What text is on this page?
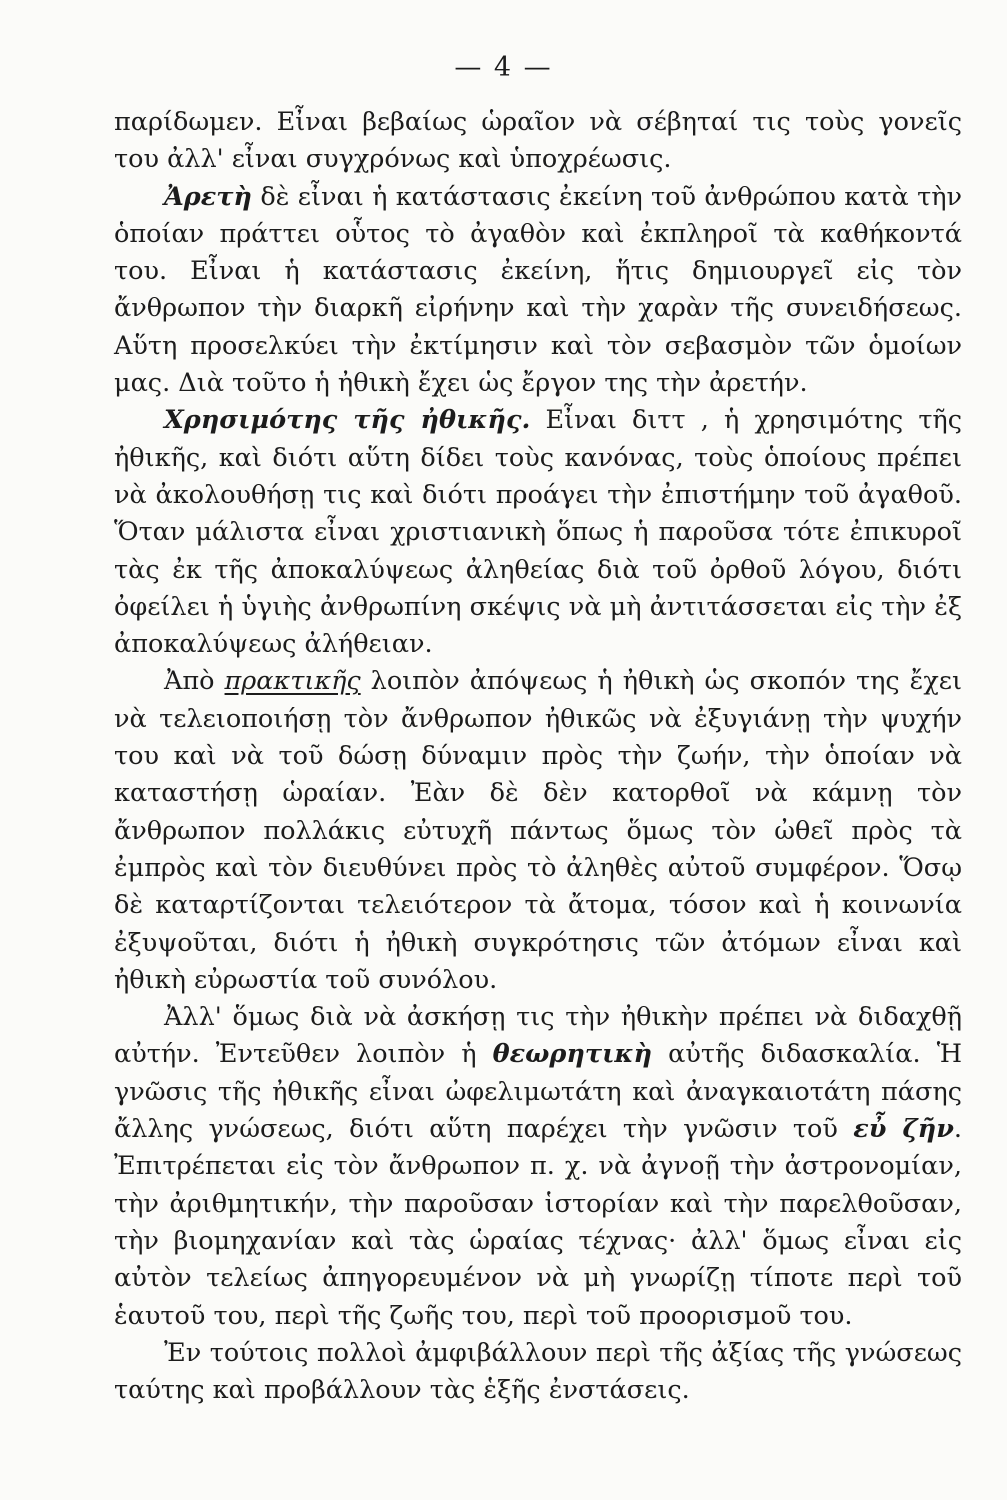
— 4 —

παρίδωμεν. Εἶναι βεβαίως ὡραῖον νὰ σέβηταί τις τοὺς γονεῖς του ἀλλ' εἶναι συγχρόνως καὶ ὑποχρέωσις.

Ἀρετὴ δὲ εἶναι ἡ κατάστασις ἐκείνη τοῦ ἀνθρώπου κατὰ τὴν ὁποίαν πράττει οὗτος τὸ ἀγαθὸν καὶ ἐκπληροῖ τὰ καθήκοντά του. Εἶναι ἡ κατάστασις ἐκείνη, ἥτις δημιουργεῖ εἰς τὸν ἄνθρωπον τὴν διαρκῆ εἰρήνην καὶ τὴν χαρὰν τῆς συνειδήσεως. Αὕτη προσελκύει τὴν ἐκτίμησιν καὶ τὸν σεβασμὸν τῶν ὁμοίων μας. Διὰ τοῦτο ἡ ἠθικὴ ἔχει ὡς ἔργον της τὴν ἀρετήν.

Χρησιμότης τῆς ἠθικῆς. Εἶναι διττ , ἡ χρησιμότης τῆς ἠθικῆς, καὶ διότι αὕτη δίδει τοὺς κανόνας, τοὺς ὁποίους πρέπει νὰ ἀκολουθήσῃ τις καὶ διότι προάγει τὴν ἐπιστήμην τοῦ ἀγαθοῦ. Ὅταν μάλιστα εἶναι χριστιανικὴ ὅπως ἡ παροῦσα τότε ἐπικυροῖ τὰς ἐκ τῆς ἀποκαλύψεως ἀληθείας διὰ τοῦ ὀρθοῦ λόγου, διότι ὀφείλει ἡ ὑγιὴς ἀνθρωπίνη σκέψις νὰ μὴ ἀντιτάσσεται εἰς τὴν ἐξ ἀποκαλύψεως ἀλήθειαν.

Ἀπὸ πρακτικῆς λοιπὸν ἀπόψεως ἡ ἠθικὴ ὡς σκοπόν της ἔχει νὰ τελειοποιήσῃ τὸν ἄνθρωπον ἠθικῶς νὰ ἐξυγιάνῃ τὴν ψυχήν του καὶ νὰ τοῦ δώσῃ δύναμιν πρὸς τὴν ζωήν, τὴν ὁποίαν νὰ καταστήσῃ ὡραίαν. Ἐὰν δὲ δὲν κατορθοῖ νὰ κάμνῃ τὸν ἄνθρωπον πολλάκις εὐτυχῆ πάντως ὅμως τὸν ὠθεῖ πρὸς τὰ ἐμπρὸς καὶ τὸν διευθύνει πρὸς τὸ ἀληθὲς αὐτοῦ συμφέρον. Ὅσῳ δὲ καταρτίζονται τελειότερον τὰ ἄτομα, τόσον καὶ ἡ κοινωνία ἐξυψοῦται, διότι ἡ ἠθικὴ συγκρότησις τῶν ἀτόμων εἶναι καὶ ἠθικὴ εὐρωστία τοῦ συνόλου.

Ἀλλ' ὅμως διὰ νὰ ἀσκήσῃ τις τὴν ἠθικὴν πρέπει νὰ διδαχθῇ αὐτήν. Ἐντεῦθεν λοιπὸν ἡ θεωρητικὴ αὐτῆς διδασκαλία. Ἡ γνῶσις τῆς ἠθικῆς εἶναι ὠφελιμωτάτη καὶ ἀναγκαιοτάτη πάσης ἄλλης γνώσεως, διότι αὕτη παρέχει τὴν γνῶσιν τοῦ εὖ ζῆν. Ἐπιτρέπεται εἰς τὸν ἄνθρωπον π. χ. νὰ ἀγνοῇ τὴν ἀστρονομίαν, τὴν ἀριθμητικήν, τὴν παροῦσαν ἱστορίαν καὶ τὴν παρελθοῦσαν, τὴν βιομηχανίαν καὶ τὰς ὡραίας τέχνας· ἀλλ' ὅμως εἶναι εἰς αὐτὸν τελείως ἀπηγορευμένον νὰ μὴ γνωρίζῃ τίποτε περὶ τοῦ ἑαυτοῦ του, περὶ τῆς ζωῆς του, περὶ τοῦ προορισμοῦ του.

Ἐν τούτοις πολλοὶ ἀμφιβάλλουν περὶ τῆς ἀξίας τῆς γνώσεως ταύτης καὶ προβάλλουν τὰς ἑξῆς ἐνστάσεις.
